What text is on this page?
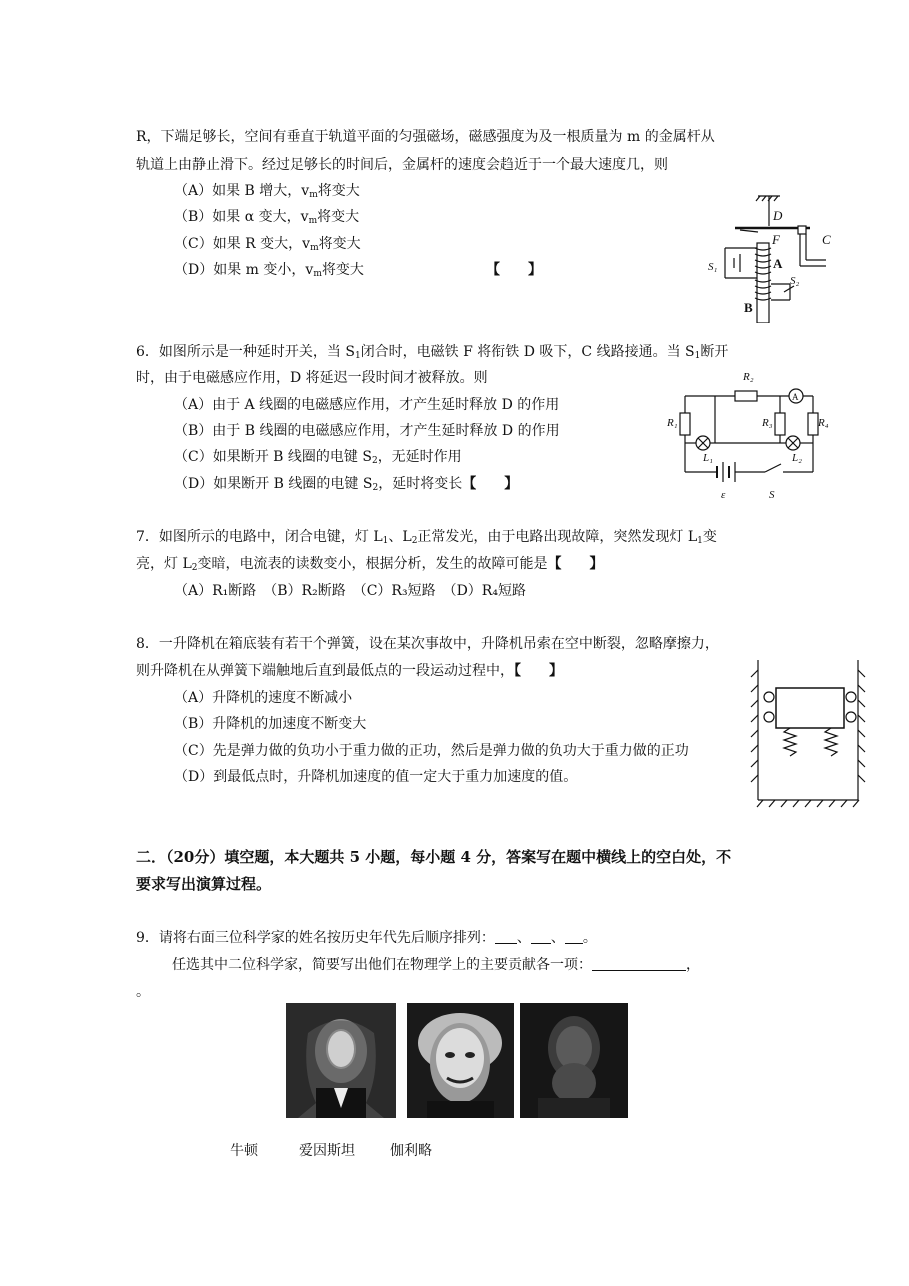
R，下端足够长，空间有垂直于轨道平面的匀强磁场，磁感强度为及一根质量为 m 的金属杆从
轨道上由静止滑下。经过足够长的时间后，金属杆的速度会趋近于一个最大速度几，则
（A）如果 B 增大，$v_m$将变大
（B）如果 α 变大，$v_m$将变大
（C）如果 R 变大，$v_m$将变大
（D）如果 m 变小，$v_m$将变大	【　　】
D
F	C
A
S₁
S₂
B
6．如图所示是一种延时开关，当 $S_1$闭合时，电磁铁 F 将衔铁 D 吸下，C 线路接通。当 $S_1$断开
时，由于电磁感应作用，D 将延迟一段时间才被释放。则
（A）由于 A 线圈的电磁感应作用，才产生延时释放 D 的作用
（B）由于 B 线圈的电磁感应作用，才产生延时释放 D 的作用
（C）如果断开 B 线圈的电键 $S_2$，无延时作用
（D）如果断开 B 线圈的电键 $S_2$，延时将变长【　　】
R₂
A
R₁	R₃	R₄
L₁	L₂
ε	S
7．如图所示的电路中，闭合电键，灯 $L_1$、$L_2$正常发光，由于电路出现故障，突然发现灯 $L_1$变
亮，灯 $L_2$变暗，电流表的读数变小，根据分析，发生的故障可能是【　　】
（A）R₁断路　（B）R₂断路　（C）R₃短路　（D）R₄短路
8．一升降机在箱底装有若干个弹簧，设在某次事故中，升降机吊索在空中断裂，忽略摩擦力，
则升降机在从弹簧下端触地后直到最低点的一段运动过程中，【　　】
（A）升降机的速度不断减小
（B）升降机的加速度不断变大
（C）先是弹力做的负功小于重力做的正功，然后是弹力做的负功大于重力做的正功
（D）到最低点时，升降机加速度的值一定大于重力加速度的值。
二．（20分）填空题，本大题共 5 小题，每小题 4 分，答案写在题中横线上的空白处，不
要求写出演算过程。
9．请将右面三位科学家的姓名按历史年代先后顺序排列： 、 、 。
任选其中二位科学家，简要写出他们在物理学上的主要贡献各一项：	，
。
牛顿	爱因斯坦	伽利略
